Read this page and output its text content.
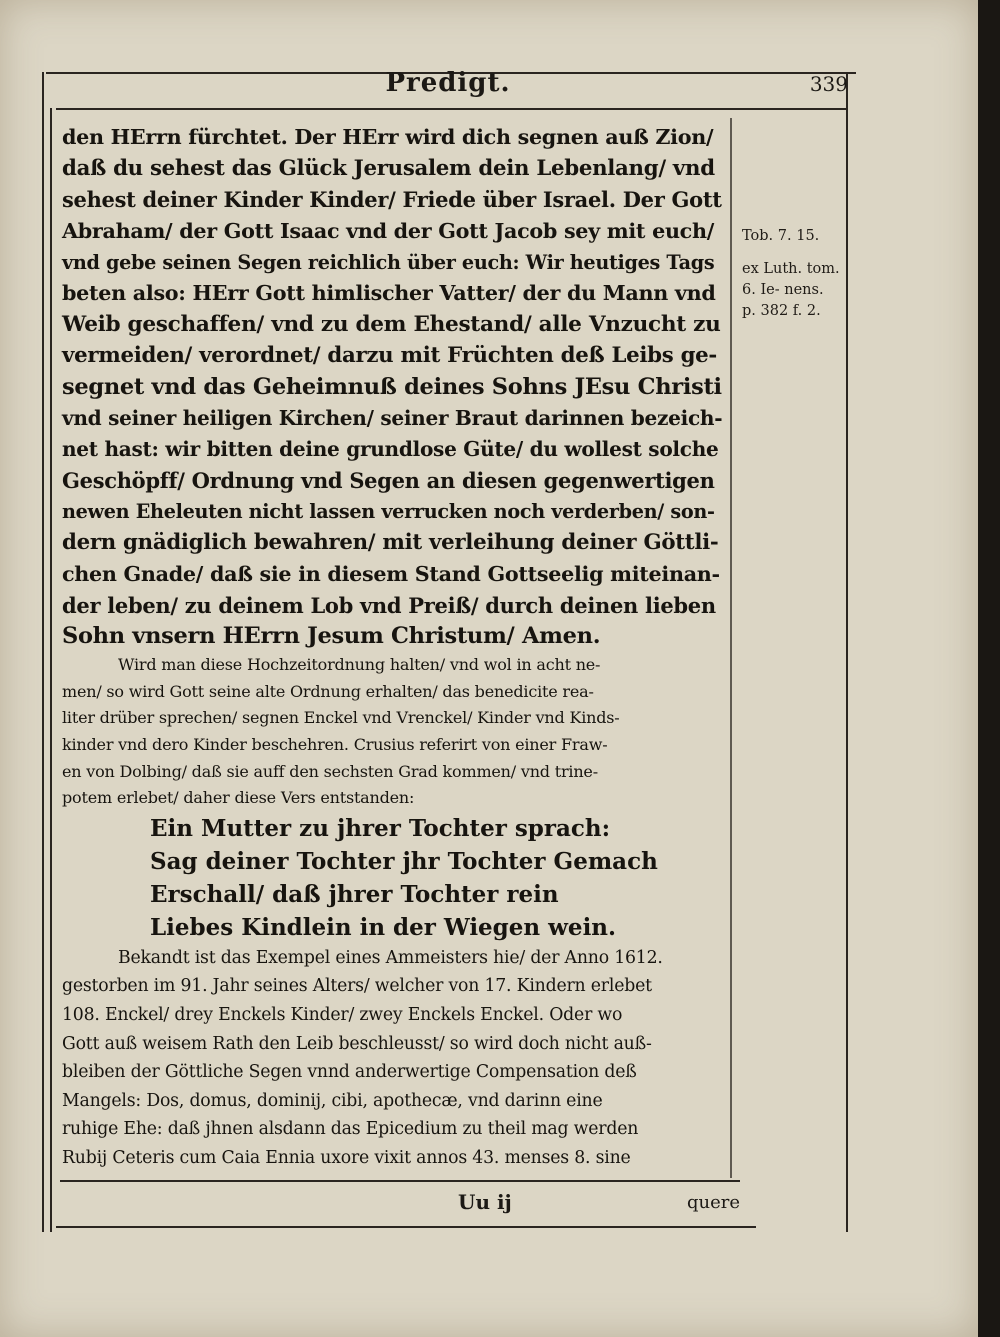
Predigt.	339
den HErrn fürchtet. Der HErr wird dich segnen auß Zion/
daß du sehest das Glück Jerusalem dein Lebenlang/ vnd
sehest deiner Kinder Kinder/ Friede über Israel. Der Gott
Abraham/ der Gott Isaac vnd der Gott Jacob sey mit euch/
vnd gebe seinen Segen reichlich über euch: Wir heutiges Tags
beten also: HErr Gott himlischer Vatter/ der du Mann vnd
Weib geschaffen/ vnd zu dem Ehestand/ alle Vnzucht zu
vermeiden/ verordnet/ darzu mit Früchten deß Leibs ge-
segnet vnd das Geheimnuß deines Sohns JEsu Christi
vnd seiner heiligen Kirchen/ seiner Braut darinnen bezeich-
net hast: wir bitten deine grundlose Güte/ du wollest solche
Geschöpff/ Ordnung vnd Segen an diesen gegenwertigen
newen Eheleuten nicht lassen verrucken noch verderben/ son-
dern gnädiglich bewahren/ mit verleihung deiner Göttli-
chen Gnade/ daß sie in diesem Stand Gottseelig miteinan-
der leben/ zu deinem Lob vnd Preiß/ durch deinen lieben
Sohn vnsern HErrn Jesum Christum/ Amen.
Wird man diese Hochzeitordnung halten/ vnd wol in acht ne-
men/ so wird Gott seine alte Ordnung erhalten/ das benedicite rea-
liter drüber sprechen/ segnen Enckel vnd Vrenckel/ Kinder vnd Kinds-
kinder vnd dero Kinder beschehren. Crusius referirt von einer Fraw-
en von Dolbing/ daß sie auff den sechsten Grad kommen/ vnd trine-
potem erlebet/ daher diese Vers entstanden:
Ein Mutter zu jhrer Tochter sprach:
Sag deiner Tochter jhr Tochter Gemach
Erschall/ daß jhrer Tochter rein
Liebes Kindlein in der Wiegen wein.
Bekandt ist das Exempel eines Ammeisters hie/ der Anno 1612.
gestorben im 91. Jahr seines Alters/ welcher von 17. Kindern erlebet
108. Enckel/ drey Enckels Kinder/ zwey Enckels Enckel. Oder wo
Gott auß weisem Rath den Leib beschleusst/ so wird doch nicht auß-
bleiben der Göttliche Segen vnnd anderwertige Compensation deß
Mangels: Dos, domus, dominij, cibi, apothecæ, vnd darinn eine
ruhige Ehe: daß jhnen alsdann das Epicedium zu theil mag werden
Rubij Ceteris cum Caia Ennia uxore vixit annos 43. menses 8. sine
Tob. 7. 15.
ex Luth. tom. 6. Ie- nens. p. 382 f. 2.
Uu ij	quere
